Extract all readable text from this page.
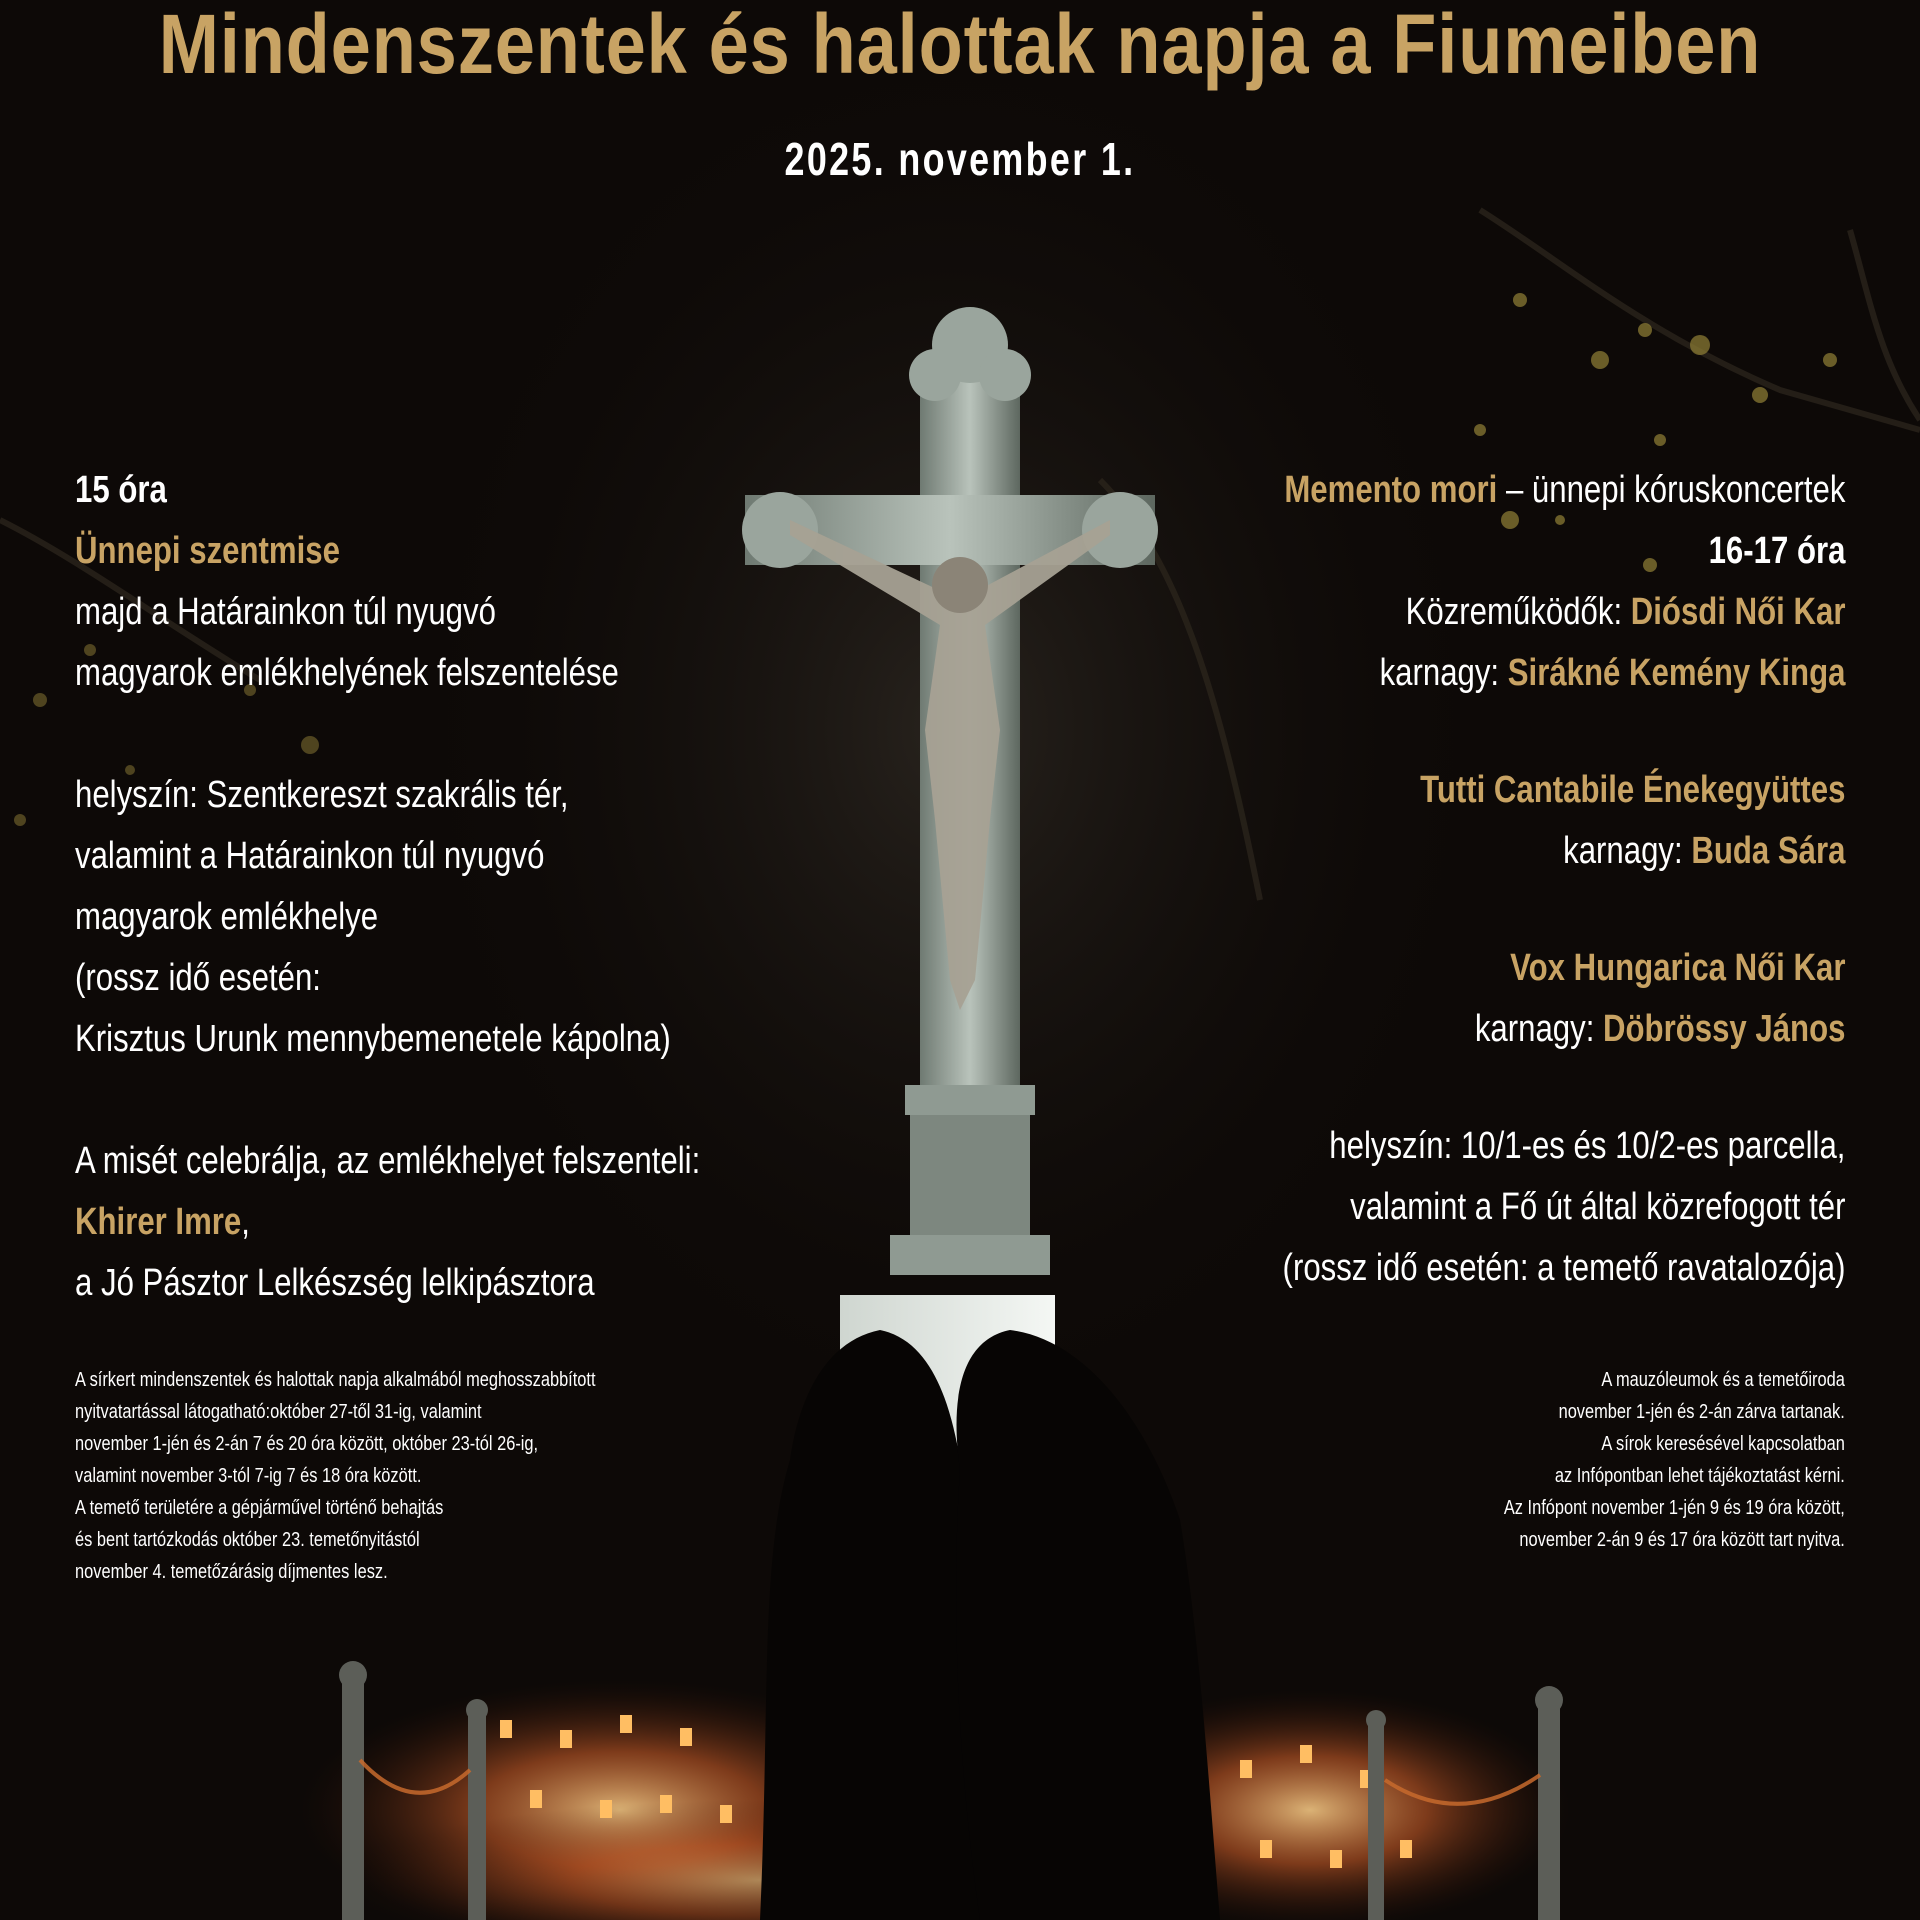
Mindenszentek és halottak napja a Fiumeiben
2025. november 1.
15 óra
Ünnepi szentmise
majd a Határainkon túl nyugvó
magyarok emlékhelyének felszentelése
helyszín: Szentkereszt szakrális tér,
valamint a Határainkon túl nyugvó
magyarok emlékhelye
(rossz idő esetén:
Krisztus Urunk mennybemenetele kápolna)
A misét celebrálja, az emlékhelyet felszenteli:
Khirer Imre,
a Jó Pásztor Lelkészség lelkipásztora
Memento mori – ünnepi kóruskoncertek
16-17 óra
Közreműködők: Diósdi Női Kar
karnagy: Sirákné Kemény Kinga
Tutti Cantabile Énekegyüttes
karnagy: Buda Sára
Vox Hungarica Női Kar
karnagy: Döbrössy János
helyszín: 10/1-es és 10/2-es parcella,
valamint a Fő út által közrefogott tér
(rossz idő esetén: a temető ravatalozója)
A sírkert mindenszentek és halottak napja alkalmából meghosszabbított
nyitvatartással látogatható:október 27-től 31-ig, valamint
november 1-jén és 2-án 7 és 20 óra között, október 23-tól 26-ig,
valamint november 3-tól 7-ig 7 és 18 óra között.
A temető területére a gépjárművel történő behajtás
és bent tartózkodás október 23. temetőnyitástól
november 4. temetőzárásig díjmentes lesz.
A mauzóleumok és a temetőiroda
november 1-jén és 2-án zárva tartanak.
A sírok keresésével kapcsolatban
az Infópontban lehet tájékoztatást kérni.
Az Infópont november 1-jén 9 és 19 óra között,
november 2-án 9 és 17 óra között tart nyitva.
